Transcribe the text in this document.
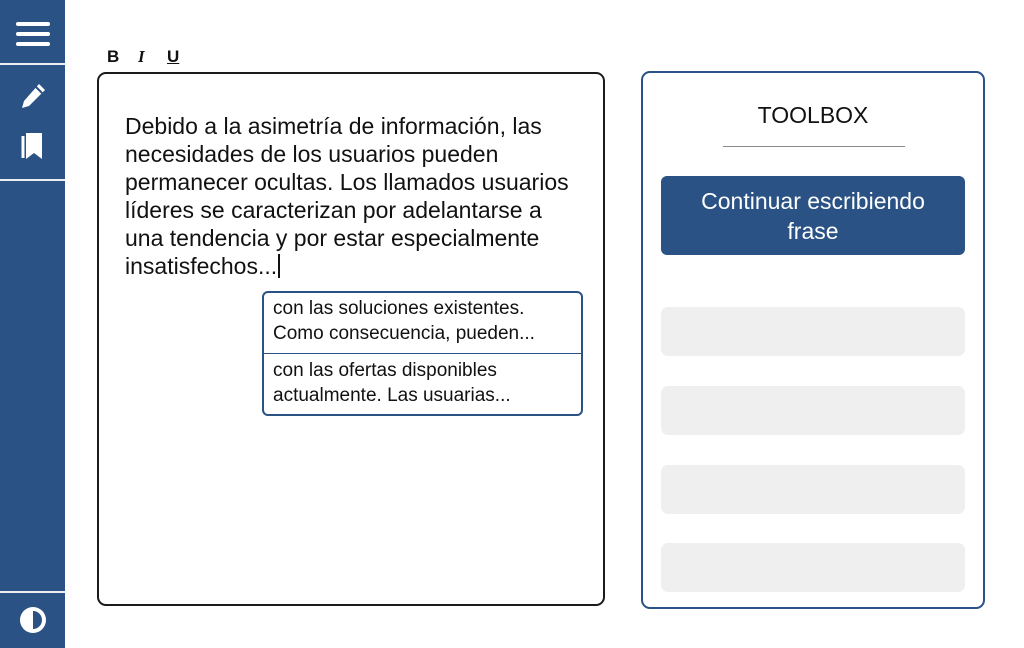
B I U
Debido a la asimetría de información, las necesidades de los usuarios pueden permanecer ocultas. Los llamados usuarios líderes se caracterizan por adelantarse a una tendencia y por estar especialmente insatisfechos...
con las soluciones existentes. Como consecuencia, pueden...
con las ofertas disponibles actualmente. Las usuarias...
TOOLBOX
Continuar escribiendo frase
